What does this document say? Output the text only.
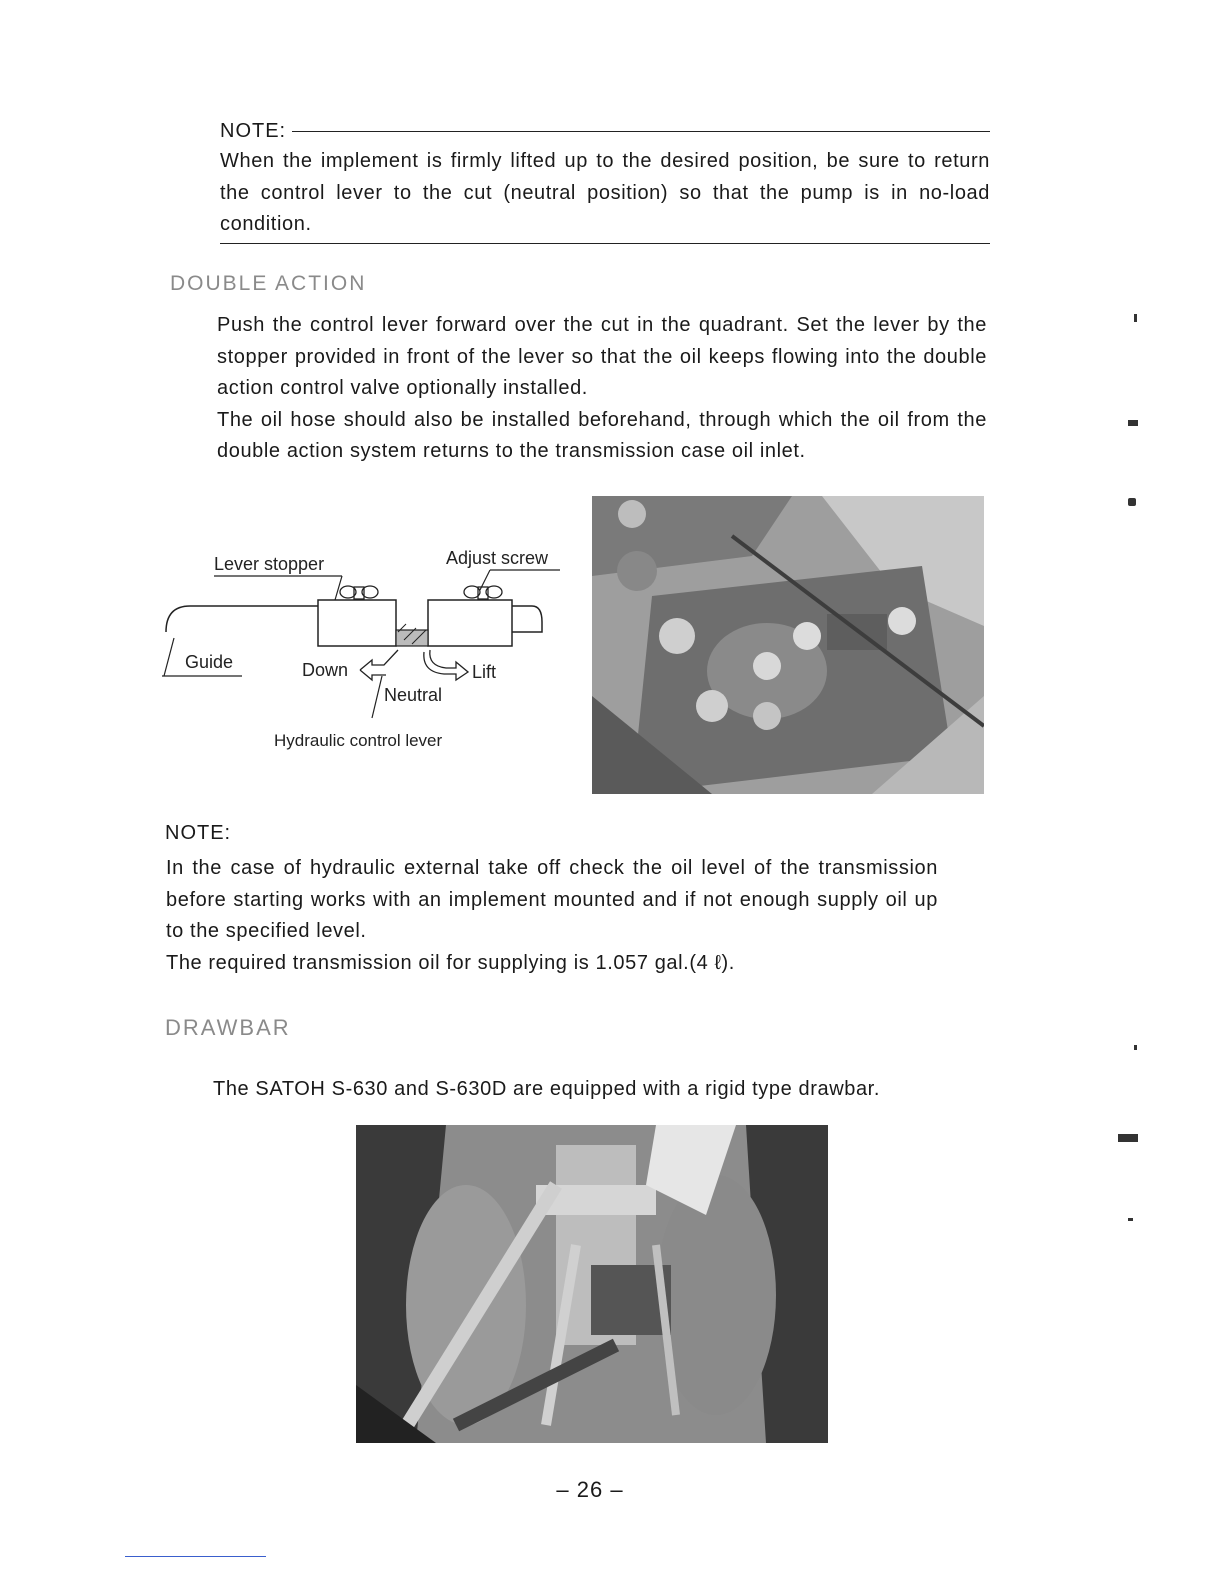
NOTE:

When the implement is firmly lifted up to the desired position, be sure to return the control lever to the cut (neutral position) so that the pump is in no-load condition.

DOUBLE ACTION

Push the control lever forward over the cut in the quadrant. Set the lever by the stopper provided in front of the lever so that the oil keeps flowing into the double action control valve optionally installed.

The oil hose should also be installed beforehand, through which the oil from the double action system returns to the transmission case oil inlet.

Lever stopper	Adjust screw
Guide	Down	Lift
Neutral
Hydraulic control lever
NOTE:

In the case of hydraulic external take off check the oil level of the transmission before starting works with an implement mounted and if not enough supply oil up to the specified level.

The required transmission oil for supplying is 1.057 gal.(4 ℓ).

DRAWBAR
The SATOH S-630 and S-630D are equipped with a rigid type drawbar.
– 26 –
